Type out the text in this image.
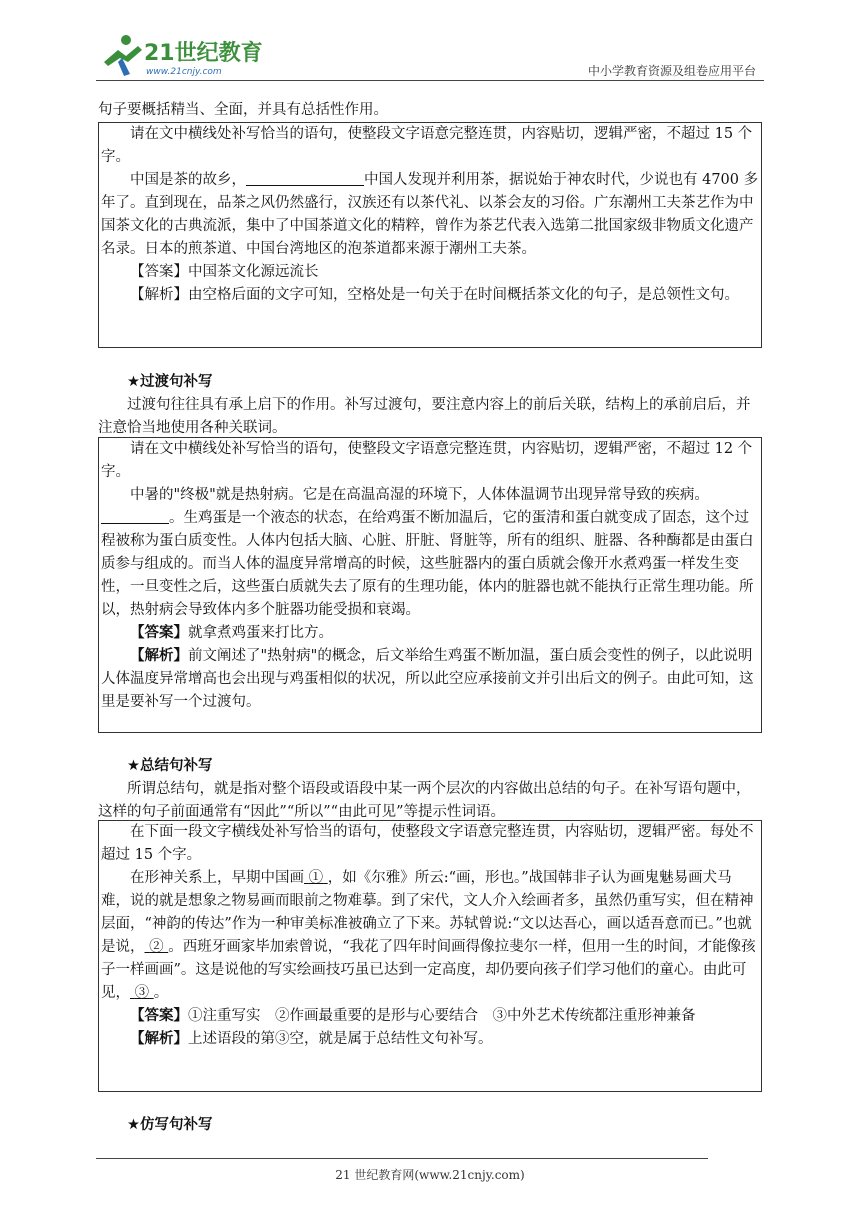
21世纪教育
www.21cnjy.com	中小学教育资源及组卷应用平台
句子要概括精当、全面，并具有总括性作用。

请在文中横线处补写恰当的语句，使整段文字语意完整连贯，内容贴切，逻辑严密，不超过 15 个字。

中国是茶的故乡，	中国人发现并利用茶，据说始于神农时代，少说也有 4700 多年了。直到现在，品茶之风仍然盛行，汉族还有以茶代礼、以茶会友的习俗。广东潮州工夫茶艺作为中国茶文化的古典流派，集中了中国茶道文化的精粹，曾作为茶艺代表入选第二批国家级非物质文化遗产名录。日本的煎茶道、中国台湾地区的泡茶道都来源于潮州工夫茶。

【答案】中国茶文化源远流长

【解析】由空格后面的文字可知，空格处是一句关于在时间概括茶文化的句子，是总领性文句。

★过渡句补写

过渡句往往具有承上启下的作用。补写过渡句，要注意内容上的前后关联，结构上的承前启后，并注意恰当地使用各种关联词。

请在文中横线处补写恰当的语句，使整段文字语意完整连贯，内容贴切，逻辑严密，不超过 12 个字。

中暑的"终极"就是热射病。它是在高温高湿的环境下，人体体温调节出现异常导致的疾病。。生鸡蛋是一个液态的状态，在给鸡蛋不断加温后，它的蛋清和蛋白就变成了固态，这个过程被称为蛋白质变性。人体内包括大脑、心脏、肝脏、肾脏等，所有的组织、脏器、各种酶都是由蛋白质参与组成的。而当人体的温度异常增高的时候，这些脏器内的蛋白质就会像开水煮鸡蛋一样发生变性，一旦变性之后，这些蛋白质就失去了原有的生理功能，体内的脏器也就不能执行正常生理功能。所以，热射病会导致体内多个脏器功能受损和衰竭。

【答案】就拿煮鸡蛋来打比方。

【解析】前文阐述了"热射病"的概念，后文举给生鸡蛋不断加温，蛋白质会变性的例子，以此说明人体温度异常增高也会出现与鸡蛋相似的状况，所以此空应承接前文并引出后文的例子。由此可知，这里是要补写一个过渡句。

★总结句补写

所谓总结句，就是指对整个语段或语段中某一两个层次的内容做出总结的句子。在补写语句题中，这样的句子前面通常有“因此”“所以”“由此可见”等提示性词语。

在下面一段文字横线处补写恰当的语句，使整段文字语意完整连贯，内容贴切，逻辑严密。每处不超过 15 个字。

在形神关系上，早期中国画 ① ，如《尔雅》所云:“画，形也。”战国韩非子认为画鬼魅易画犬马难，说的就是想象之物易画而眼前之物难摹。到了宋代，文人介入绘画者多，虽然仍重写实，但在精神层面，“神韵的传达”作为一种审美标准被确立了下来。苏轼曾说:“文以达吾心，画以适吾意而已。”也就是说， ② 。西班牙画家毕加索曾说，“我花了四年时间画得像拉斐尔一样，但用一生的时间，才能像孩子一样画画”。这是说他的写实绘画技巧虽已达到一定高度，却仍要向孩子们学习他们的童心。由此可见， ③ 。

【答案】①注重写实　②作画最重要的是形与心要结合　③中外艺术传统都注重形神兼备

【解析】上述语段的第③空，就是属于总结性文句补写。

★仿写句补写

21 世纪教育网(www.21cnjy.com)
